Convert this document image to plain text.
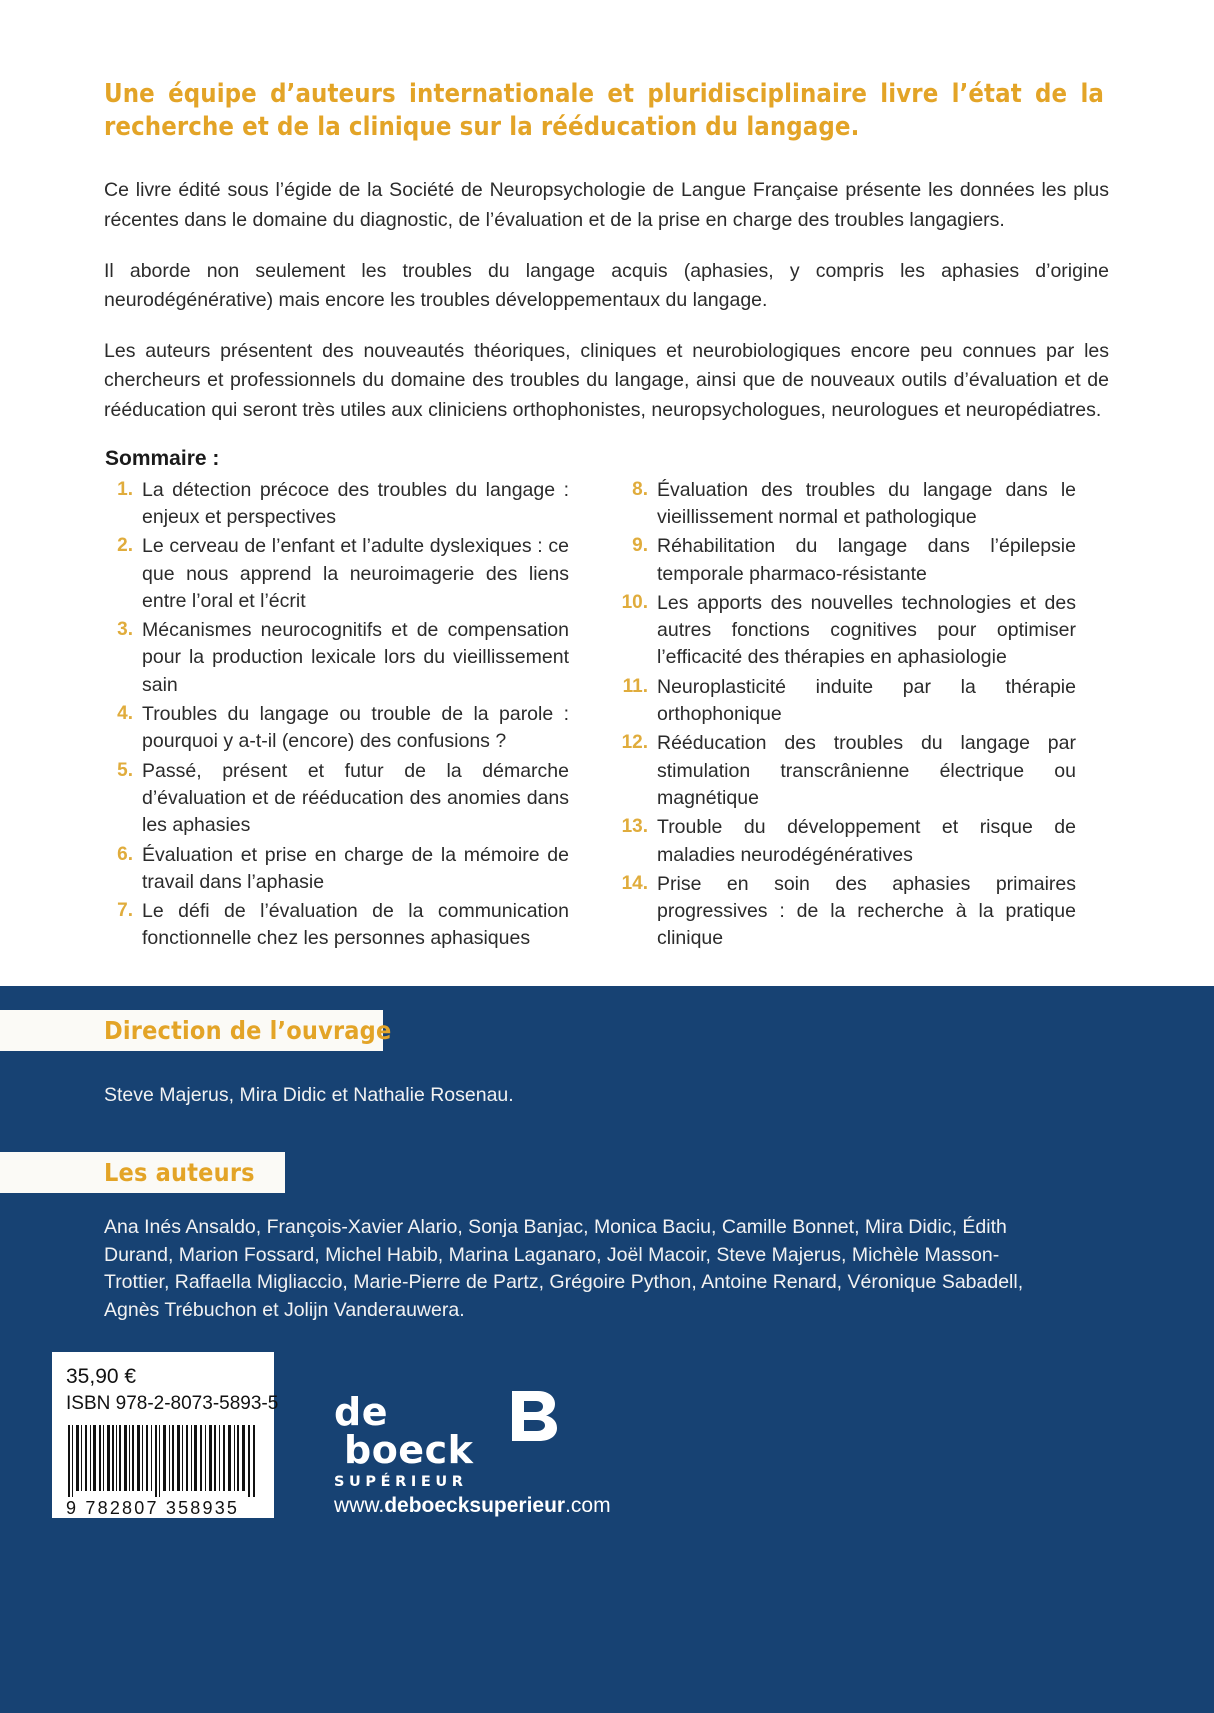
Une équipe d’auteurs internationale et pluridisciplinaire livre l’état de la recherche et de la clinique sur la rééducation du langage.

Ce livre édité sous l’égide de la Société de Neuropsychologie de Langue Française présente les données les plus récentes dans le domaine du diagnostic, de l’évaluation et de la prise en charge des troubles langagiers.

Il aborde non seulement les troubles du langage acquis (aphasies, y compris les aphasies d’origine neurodégénérative) mais encore les troubles développementaux du langage.

Les auteurs présentent des nouveautés théoriques, cliniques et neurobiologiques encore peu connues par les chercheurs et professionnels du domaine des troubles du langage, ainsi que de nouveaux outils d’évaluation et de rééducation qui seront très utiles aux cliniciens orthophonistes, neuropsychologues, neurologues et neuropédiatres.

Sommaire :
1. La détection précoce des troubles du langage : enjeux et perspectives
2. Le cerveau de l’enfant et l’adulte dyslexiques : ce que nous apprend la neuroimagerie des liens entre l’oral et l’écrit
3. Mécanismes neurocognitifs et de compensation pour la production lexicale lors du vieillissement sain
4. Troubles du langage ou trouble de la parole : pourquoi y a-t-il (encore) des confusions ?
5. Passé, présent et futur de la démarche d’évaluation et de rééducation des anomies dans les aphasies
6. Évaluation et prise en charge de la mémoire de travail dans l’aphasie
7. Le défi de l’évaluation de la communication fonctionnelle chez les personnes aphasiques
8. Évaluation des troubles du langage dans le vieillissement normal et pathologique
9. Réhabilitation du langage dans l’épilepsie temporale pharmaco-résistante
10. Les apports des nouvelles technologies et des autres fonctions cognitives pour optimiser l’efficacité des thérapies en aphasiologie
11. Neuroplasticité induite par la thérapie orthophonique
12. Rééducation des troubles du langage par stimulation transcrânienne électrique ou magnétique
13. Trouble du développement et risque de maladies neurodégénératives
14. Prise en soin des aphasies primaires progressives : de la recherche à la pratique clinique
Direction de l’ouvrage
Steve Majerus, Mira Didic et Nathalie Rosenau.
Les auteurs
Ana Inés Ansaldo, François-Xavier Alario, Sonja Banjac, Monica Baciu, Camille Bonnet, Mira Didic, Édith Durand, Marion Fossard, Michel Habib, Marina Laganaro, Joël Macoir, Steve Majerus, Michèle Masson-Trottier, Raffaella Migliaccio, Marie-Pierre de Partz, Grégoire Python, Antoine Renard, Véronique Sabadell, Agnès Trébuchon et Jolijn Vanderauwera.
35,90 €
ISBN 978-2-8073-5893-5
9 782807 358935
de boeck
SUPÉRIEUR
www.deboecksuperieur.com
